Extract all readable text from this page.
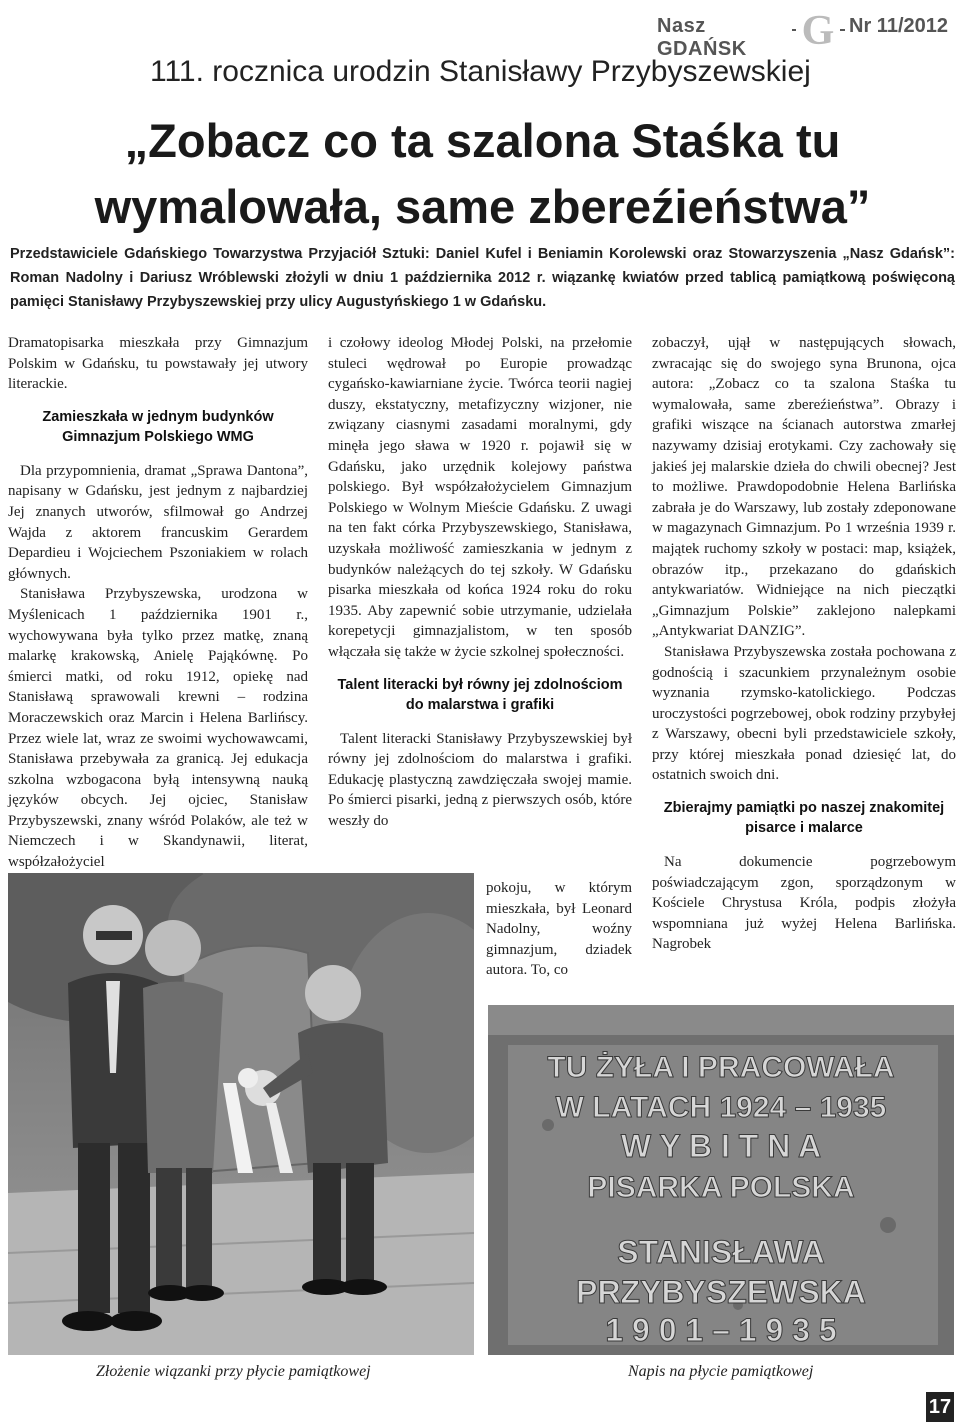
Nasz GDAŃSK	G Nr 11/2012
111. rocznica urodzin Stanisławy Przybyszewskiej
„Zobacz co ta szalona Staśka tu wymalowała, same zbereźieństwa”
Przedstawiciele Gdańskiego Towarzystwa Przyjaciół Sztuki: Daniel Kufel i Beniamin Korolewski oraz Stowarzyszenia „Nasz Gdańsk”: Roman Nadolny i Dariusz Wróblewski złożyli w dniu 1 października 2012 r. wiązankę kwiatów przed tablicą pamiątkową poświęconą pamięci Stanisławy Przybyszewskiej przy ulicy Augustyńskiego 1 w Gdańsku.

Dramatopisarka mieszkała przy Gimnazjum Polskim w Gdańsku, tu powstawały jej utwory literackie.

Zamieszkała w jednym budynków Gimnazjum Polskiego WMG

Dla przypomnienia, dramat „Sprawa Dantona”, napisany w Gdańsku, jest jednym z najbardziej Jej znanych utworów, sfilmował go Andrzej Wajda z aktorem francuskim Gerardem Depardieu i Wojciechem Pszoniakiem w rolach głównych.

Stanisława Przybyszewska, urodzona w Myślenicach 1 października 1901 r., wychowywana była tylko przez matkę, znaną malarkę krakowską, Anielę Pająkównę. Po śmierci matki, od roku 1912, opiekę nad Stanisławą sprawowali krewni – rodzina Moraczewskich oraz Marcin i Helena Barlińscy. Przez wiele lat, wraz ze swoimi wychowawcami, Stanisława przebywała za granicą. Jej edukacja szkolna wzbogacona byłą intensywną nauką języków obcych. Jej ojciec, Stanisław Przybyszewski, znany wśród Polaków, ale też w Niemczech i w Skandynawii, literat, współzałożyciel

i czołowy ideolog Młodej Polski, na przełomie stuleci wędrował po Europie prowadząc cygańsko-kawiarniane życie. Twórca teorii nagiej duszy, ekstatyczny, metafizyczny wizjoner, nie związany ciasnymi zasadami moralnymi, gdy minęła jego sława w 1920 r. pojawił się w Gdańsku, jako urzędnik kolejowy państwa polskiego. Był współzałożycielem Gimnazjum Polskiego w Wolnym Mieście Gdańsku. Z uwagi na ten fakt córka Przybyszewskiego, Stanisława, uzyskała możliwość zamieszkania w jednym z budynków należących do tej szkoły. W Gdańsku pisarka mieszkała od końca 1924 roku do roku 1935. Aby zapewnić sobie utrzymanie, udzielała korepetycji gimnazjalistom, w ten sposób włączała się także w życie szkolnej społeczności.

Talent literacki był równy jej zdolnościom do malarstwa i grafiki

Talent literacki Stanisławy Przybyszewskiej był równy jej zdolnościom do malarstwa i grafiki. Edukację plastyczną zawdzięczała swojej mamie. Po śmierci pisarki, jedną z pierwszych osób, które weszły do

pokoju, w którym mieszkała, był Leonard Nadolny, woźny gimnazjum, dziadek autora. To, co

zobaczył, ujął w następujących słowach, zwracając się do swojego syna Brunona, ojca autora: „Zobacz co ta szalona Staśka tu wymalowała, same zbereźieństwa”. Obrazy i grafiki wiszące na ścianach autorstwa zmarłej nazywamy dzisiaj erotykami. Czy zachowały się jakieś jej malarskie dzieła do chwili obecnej? Jest to możliwe. Prawdopodobnie Helena Barlińska zabrała je do Warszawy, lub zostały zdeponowane w magazynach Gimnazjum. Po 1 września 1939 r. majątek ruchomy szkoły w postaci: map, książek, obrazów itp., przekazano do gdańskich antykwariatów. Widniejące na nich pieczątki „Gimnazjum Polskie” zaklejono nalepkami „Antykwariat DANZIG”.

Stanisława Przybyszewska została pochowana z godnością i szacunkiem przynależnym osobie wyznania rzymsko-katolickiego. Podczas uroczystości pogrzebowej, obok rodziny przybyłej z Warszawy, obecni byli przedstawiciele szkoły, przy której mieszkała ponad dziesięć lat, do ostatnich swoich dni.

Zbierajmy pamiątki po naszej znakomitej pisarce i malarce

Na dokumencie pogrzebowym poświadczającym zgon, sporządzonym w Kościele Chrystusa Króla, podpis złożyła wspomniana już wyżej Helena Barlińska. Nagrobek

TU ŻYŁA I PRACOWAŁA
W LATACH 1924 – 1935
W Y B I T N A
PISARKA POLSKA
STANISŁAWA
PRZYBYSZEWSKA
1 9 0 1 – 1 9 3 5
Złożenie wiązanki przy płycie pamiątkowej	Napis na płycie pamiątkowej
17
